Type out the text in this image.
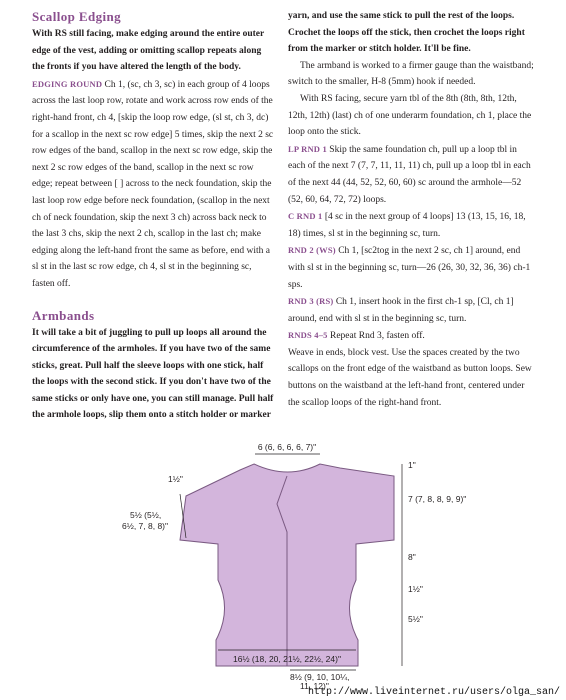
Scallop Edging

With RS still facing, make edging around the entire outer edge of the vest, adding or omitting scallop repeats along the fronts if you have altered the length of the body.

EDGING ROUND Ch 1, (sc, ch 3, sc) in each group of 4 loops across the last loop row, rotate and work across row ends of the right-hand front, ch 4, [skip the loop row edge, (sl st, ch 3, dc) for a scallop in the next sc row edge] 5 times, skip the next 2 sc row edges of the band, scallop in the next sc row edge, skip the next 2 sc row edges of the band, scallop in the next sc row edge; repeat between [ ] across to the neck foundation, skip the last loop row edge before neck foundation, (scallop in the next ch of neck foundation, skip the next 3 ch) across back neck to the last 3 chs, skip the next 2 ch, scallop in the last ch; make edging along the left-hand front the same as before, end with a sl st in the last sc row edge, ch 4, sl st in the beginning sc, fasten off.

Armbands

It will take a bit of juggling to pull up loops all around the circumference of the armholes. If you have two of the same sticks, great. Pull half the sleeve loops with one stick, half the loops with the second stick. If you don't have two of the same sticks or only have one, you can still manage. Pull half the armhole loops, slip them onto a stitch holder or marker

yarn, and use the same stick to pull the rest of the loops. Crochet the loops off the stick, then crochet the loops right from the marker or stitch holder. It'll be fine.

The armband is worked to a firmer gauge than the waistband; switch to the smaller, H-8 (5mm) hook if needed.

With RS facing, secure yarn tbl of the 8th (8th, 8th, 12th, 12th, 12th) (last) ch of one underarm foundation, ch 1, place the loop onto the stick.

LP RND 1 Skip the same foundation ch, pull up a loop tbl in each of the next 7 (7, 7, 11, 11, 11) ch, pull up a loop tbl in each of the next 44 (44, 52, 52, 60, 60) sc around the armhole—52 (52, 60, 64, 72, 72) loops.

C RND 1 [4 sc in the next group of 4 loops] 13 (13, 15, 16, 18, 18) times, sl st in the beginning sc, turn.

RND 2 (WS) Ch 1, [sc2tog in the next 2 sc, ch 1] around, end with sl st in the beginning sc, turn—26 (26, 30, 32, 36, 36) ch-1 sps.

RND 3 (RS) Ch 1, insert hook in the first ch-1 sp, [Cl, ch 1] around, end with sl st in the beginning sc, turn.

RNDS 4–5 Repeat Rnd 3, fasten off.

Weave in ends, block vest. Use the spaces created by the two scallops on the front edge of the waistband as button loops. Sew buttons on the waistband at the left-hand front, centered under the scallop loops of the right-hand front.

6 (6, 6, 6, 6, 7)"
1"
7 (7, 8, 8, 9, 9)"
8"
1½"
5½"
1½"
5½ (5½,
6½, 7, 8, 8)"
16½ (18, 20, 21½, 22½, 24)"
8½ (9, 10, 10¼,
11, 12)"
http://www.liveinternet.ru/users/olga_san/
